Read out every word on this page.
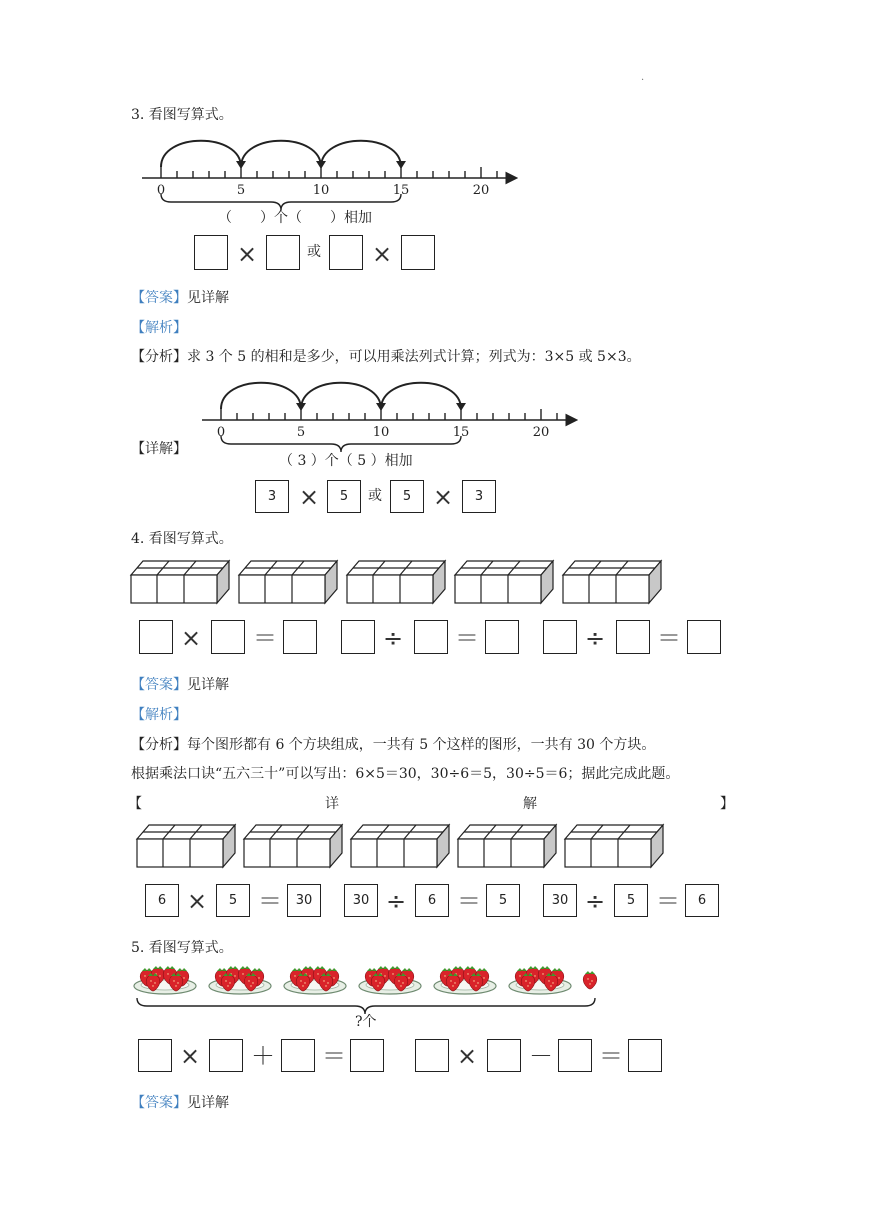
·
3. 看图写算式。
0	5	10	15	20
（　　）个（　　）相加
×	或 ×
【答案】见详解
【解析】
【分析】求 3 个 5 的相和是多少，可以用乘法列式计算；列式为：3×5 或 5×3。
【详解】
0	5	10	15	20
（ 3 ）个（ 5 ）相加
3 ×	5	或	5 ×	3
4. 看图写算式。
× ＝	÷ ＝	÷ ＝
【答案】见详解
【解析】
【分析】每个图形都有 6 个方块组成，一共有 5 个这样的图形，一共有 30 个方块。
根据乘法口诀“五六三十”可以写出：6×5＝30，30÷6＝5，30÷5＝6；据此完成此题。
【	详	解	】
6 ×	5 ＝	30	30 ÷	6 ＝	5	30 ÷	5 ＝	6
5. 看图写算式。
?个
× ＋ ＝	× － ＝
【答案】见详解
